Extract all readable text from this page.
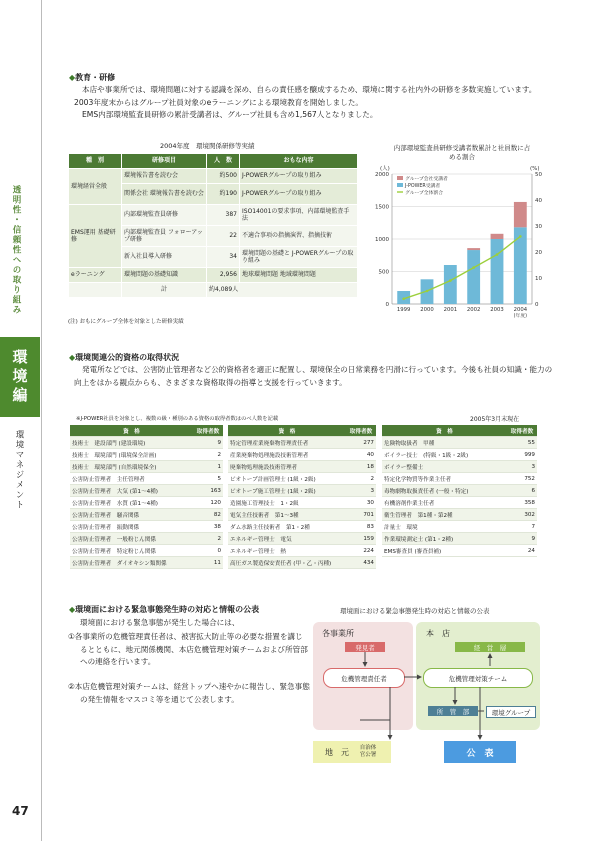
透明性・信頼性への取り組み
環境編
環境マネジメント
47
◆教育・研修
本店や事業所では、環境問題に対する認識を深め、自らの責任感を醸成するため、環境に関する社内外の研修を多数実施しています。2003年度末からはグループ社員対象のeラーニングによる環境教育を開始しました。
EMS内部環境監査員研修の累計受講者は、グループ社員も含め1,567人となりました。
2004年度　環境関係研修等実績
種　別	研修項目	人　数	おもな内容
環境経営全般	環境報告書を読む会	約500	J-POWERグループの取り組み
	関係会社 環境報告書を読む会	約190	J-POWERグループの取り組み
EMS運用 基礎研修	内部環境監査員研修	387	ISO14001の要求事項、内部環境監査手法
	内部環境監査員 フォローアップ研修	22	不適合事項の指摘演習、指摘技術
	新入社員導入研修	34	環境問題の基礎と J-POWERグループの取り組み
eラーニング	環境問題の基礎知識	2,956	地球環境問題 地域環境問題
	計	約4,089人	
(注) おもにグループ全体を対象とした研修実績
内部環境監査員研修受講者数累計と社員数に占める割合
0
500
1000
1500
2000
0
10
20
30
40
50
(人)	(%)
1999 2000 2001 2002 2003 2004
(年度)
グループ会社受講者
J-POWER受講者
グループ全体割合
◆環境関連公的資格の取得状況
発電所などでは、公害防止管理者など公的資格者を適正に配置し、環境保全の日常業務を円滑に行っています。今後も社員の知識・能力の向上をはかる観点からも、さまざまな資格取得の指導と支援を行っていきます。
※J-POWER社員を対象とし、複数の級・種別のある資格の取得者数はのべ人数を記載	2005年3月末現在
資　格	取得者数
技術士　建設部門 (建設環境)	9
技術士　環境部門 (環境保全計画)	2
技術士　環境部門 (自然環境保全)	1
公害防止管理者　主任管理者	5
公害防止管理者　大気 (第1〜4種)	163
公害防止管理者　水質 (第1〜4種)	120
公害防止管理者　騒音関係	82
公害防止管理者　振動関係	38
公害防止管理者　一般粉じん関係	2
公害防止管理者　特定粉じん関係	0
公害防止管理者　ダイオキシン類関係	11
資　格	取得者数
特定管理産業廃棄物管理責任者	277
産業廃棄物処理施設技術管理者	40
廃棄物処理施設技術管理者	18
ビオトープ計画管理士 (1級・2級)	2
ビオトープ施工管理士 (1級・2級)	3
造園施工管理技士　1・2級	30
電気主任技術者　第1〜3種	701
ダム水路主任技術者　第1・2種	83
エネルギー管理士　電気	159
エネルギー管理士　熱	224
高圧ガス製造保安責任者 (甲・乙・丙種)	434
資　格	取得者数
危険物取扱者　甲種	55
ボイラー技士　(特級・1級・2級)	999
ボイラー整備士	3
特定化学物質等作業主任者	752
毒物劇物取扱責任者 (一般・特定)	6
有機溶剤作業主任者	358
衛生管理者　第1種・第2種	302
計量士　環境	7
作業環境測定士 (第1・2種)	9
EMS審査員 (審査員補)	24
◆環境面における緊急事態発生時の対応と情報の公表
環境面における緊急事態が発生した場合には、
①各事業所の危機管理責任者は、被害拡大防止等の必要な措置を講じるとともに、地元関係機関、本店危機管理対策チームおよび所管部への連絡を行います。
②本店危機管理対策チームは、経営トップへ速やかに報告し、緊急事態の発生情報をマスコミ等を通じて公表します。
環境面における緊急事態発生時の対応と情報の公表
各事業所	本　店
発見者
危機管理責任者
経　営　層
危機管理対策チーム
所　管　部	環境グループ
地　元	自治体 官公署	公　表
